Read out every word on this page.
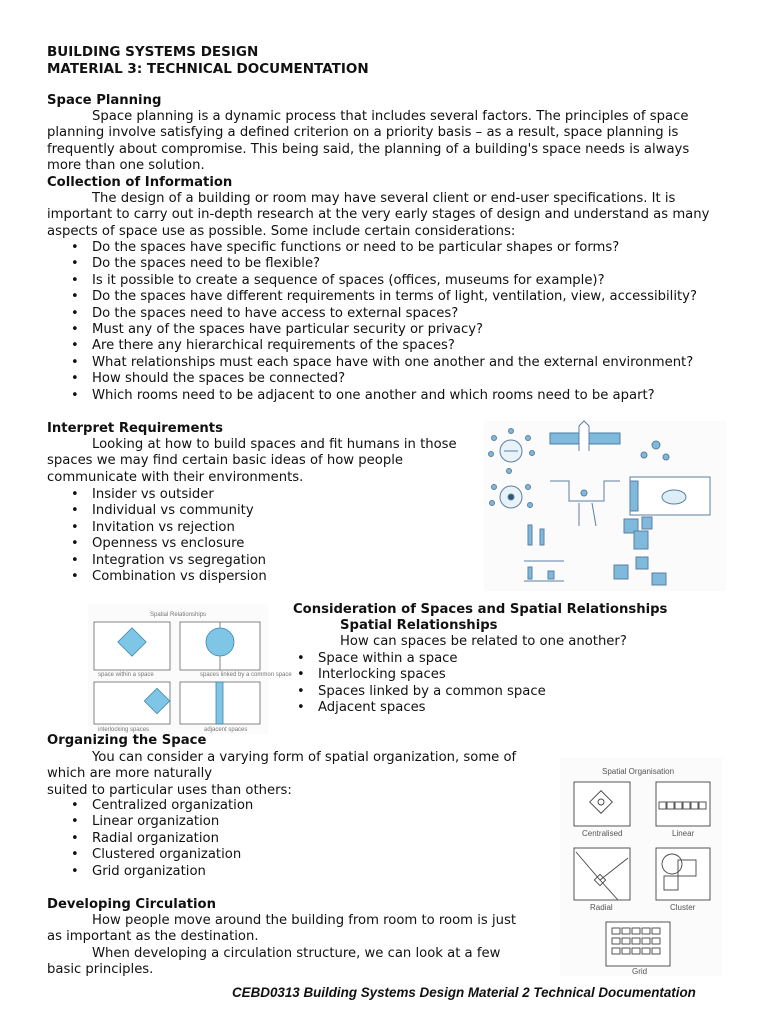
BUILDING SYSTEMS DESIGN
MATERIAL 3: TECHNICAL DOCUMENTATION
Space Planning
Space planning is a dynamic process that includes several factors. The principles of space planning involve satisfying a defined criterion on a priority basis – as a result, space planning is frequently about compromise. This being said, the planning of a building's space needs is always more than one solution.
Collection of Information
The design of a building or room may have several client or end-user specifications. It is important to carry out in-depth research at the very early stages of design and understand as many aspects of space use as possible. Some include certain considerations:
• Do the spaces have specific functions or need to be particular shapes or forms?
• Do the spaces need to be flexible?
• Is it possible to create a sequence of spaces (offices, museums for example)?
• Do the spaces have different requirements in terms of light, ventilation, view, accessibility?
• Do the spaces need to have access to external spaces?
• Must any of the spaces have particular security or privacy?
• Are there any hierarchical requirements of the spaces?
• What relationships must each space have with one another and the external environment?
• How should the spaces be connected?
• Which rooms need to be adjacent to one another and which rooms need to be apart?
Interpret Requirements
Looking at how to build spaces and fit humans in those
spaces we may find certain basic ideas of how people
communicate with their environments.
• Insider vs outsider
• Individual vs community
• Invitation vs rejection
• Openness vs enclosure
• Integration vs segregation
• Combination vs dispersion
Spatial Relationships
space within a space	spaces linked by a common space
interlocking spaces	adjacent spaces
Consideration of Spaces and Spatial Relationships
Spatial Relationships
How can spaces be related to one another?
• Space within a space
• Interlocking spaces
• Spaces linked by a common space
• Adjacent spaces
Organizing the Space
You can consider a varying form of spatial organization, some of
which are more naturally
suited to particular uses than others:
• Centralized organization
• Linear organization
• Radial organization
• Clustered organization
• Grid organization
Spatial Organisation
Centralised	Linear
Radial	Cluster
Grid
Developing Circulation
How people move around the building from room to room is just
as important as the destination.
When developing a circulation structure, we can look at a few
basic principles.
CEBD0313 Building Systems Design Material 2 Technical Documentation
